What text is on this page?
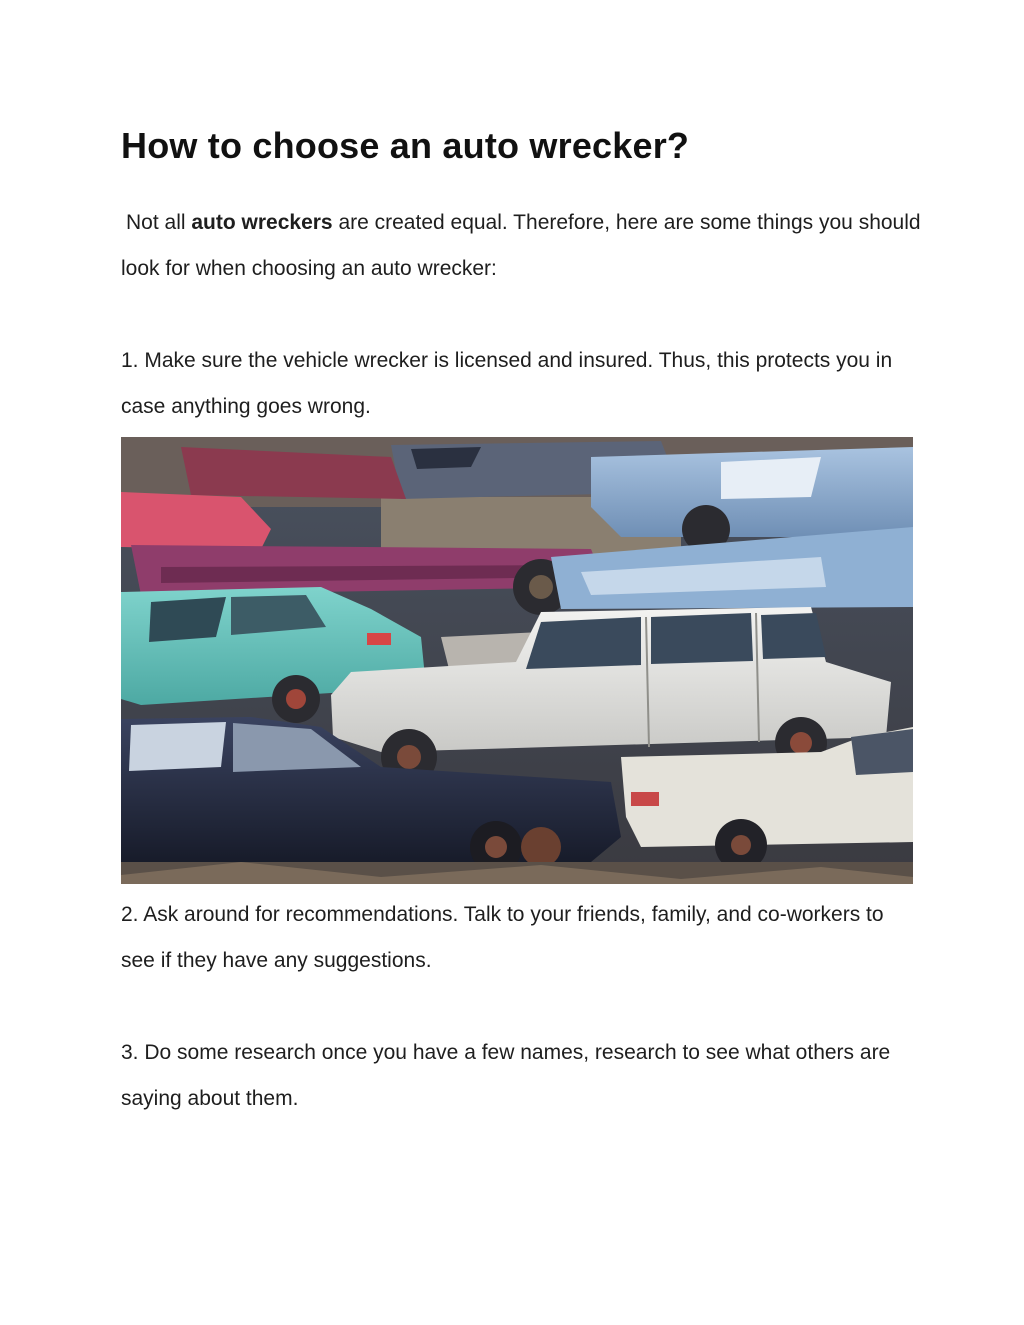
How to choose an auto wrecker?

Not all auto wreckers are created equal. Therefore, here are some things you should look for when choosing an auto wrecker:

1. Make sure the vehicle wrecker is licensed and insured. Thus, this protects you in case anything goes wrong.

2. Ask around for recommendations. Talk to your friends, family, and co-workers to see if they have any suggestions.

3. Do some research once you have a few names, research to see what others are saying about them.
